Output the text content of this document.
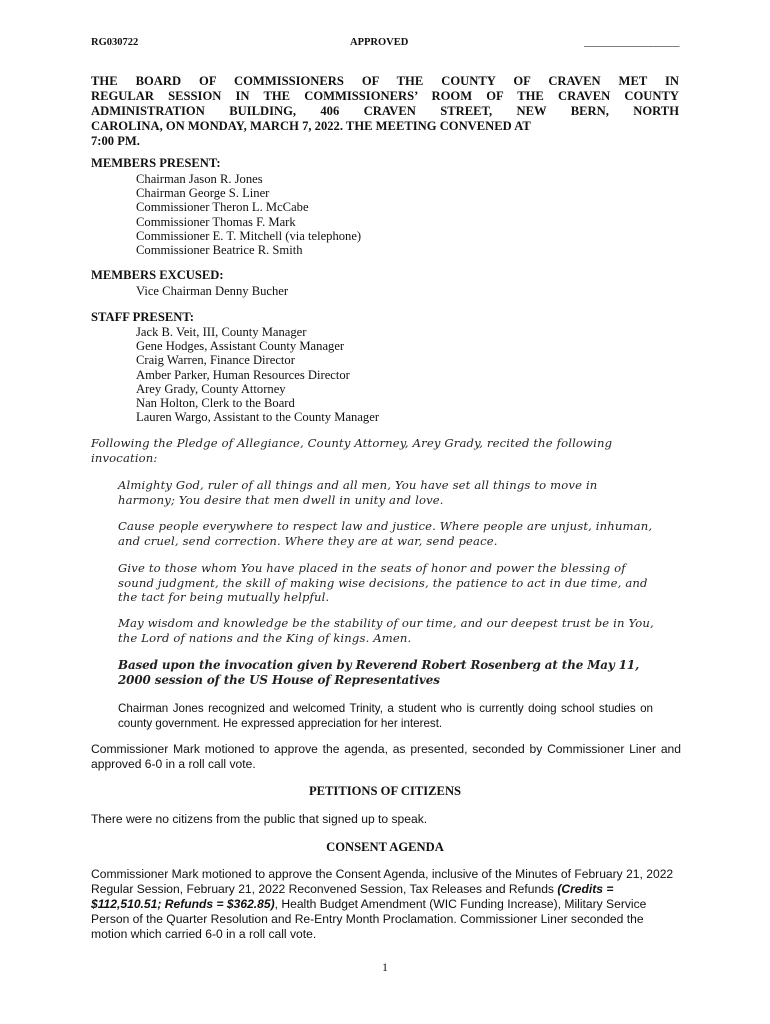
RG030722	APPROVED	____________________
THE BOARD OF COMMISSIONERS OF THE COUNTY OF CRAVEN MET IN
REGULAR SESSION IN THE COMMISSIONERS’ ROOM OF THE CRAVEN COUNTY
ADMINISTRATION BUILDING, 406 CRAVEN STREET, NEW BERN, NORTH
CAROLINA, ON MONDAY, MARCH 7, 2022. THE MEETING CONVENED AT
7:00 PM.
MEMBERS PRESENT:
Chairman Jason R. Jones
Chairman George S. Liner
Commissioner Theron L. McCabe
Commissioner Thomas F. Mark
Commissioner E. T. Mitchell (via telephone)
Commissioner Beatrice R. Smith
MEMBERS EXCUSED:
Vice Chairman Denny Bucher
STAFF PRESENT:
Jack B. Veit, III, County Manager
Gene Hodges, Assistant County Manager
Craig Warren, Finance Director
Amber Parker, Human Resources Director
Arey Grady, County Attorney
Nan Holton, Clerk to the Board
Lauren Wargo, Assistant to the County Manager
Following the Pledge of Allegiance, County Attorney, Arey Grady, recited the following invocation:
Almighty God, ruler of all things and all men, You have set all things to move in harmony; You desire that men dwell in unity and love.
Cause people everywhere to respect law and justice. Where people are unjust, inhuman, and cruel, send correction. Where they are at war, send peace.
Give to those whom You have placed in the seats of honor and power the blessing of sound judgment, the skill of making wise decisions, the patience to act in due time, and the tact for being mutually helpful.
May wisdom and knowledge be the stability of our time, and our deepest trust be in You, the Lord of nations and the King of kings. Amen.
Based upon the invocation given by Reverend Robert Rosenberg at the May 11, 2000 session of the US House of Representatives
Chairman Jones recognized and welcomed Trinity, a student who is currently doing school studies on county government. He expressed appreciation for her interest.
Commissioner Mark motioned to approve the agenda, as presented, seconded by Commissioner Liner and approved 6-0 in a roll call vote.
PETITIONS OF CITIZENS
There were no citizens from the public that signed up to speak.
CONSENT AGENDA
Commissioner Mark motioned to approve the Consent Agenda, inclusive of the Minutes of February 21, 2022 Regular Session, February 21, 2022 Reconvened Session, Tax Releases and Refunds (Credits = $112,510.51; Refunds = $362.85), Health Budget Amendment (WIC Funding Increase), Military Service Person of the Quarter Resolution and Re-Entry Month Proclamation. Commissioner Liner seconded the motion which carried 6-0 in a roll call vote.
1
